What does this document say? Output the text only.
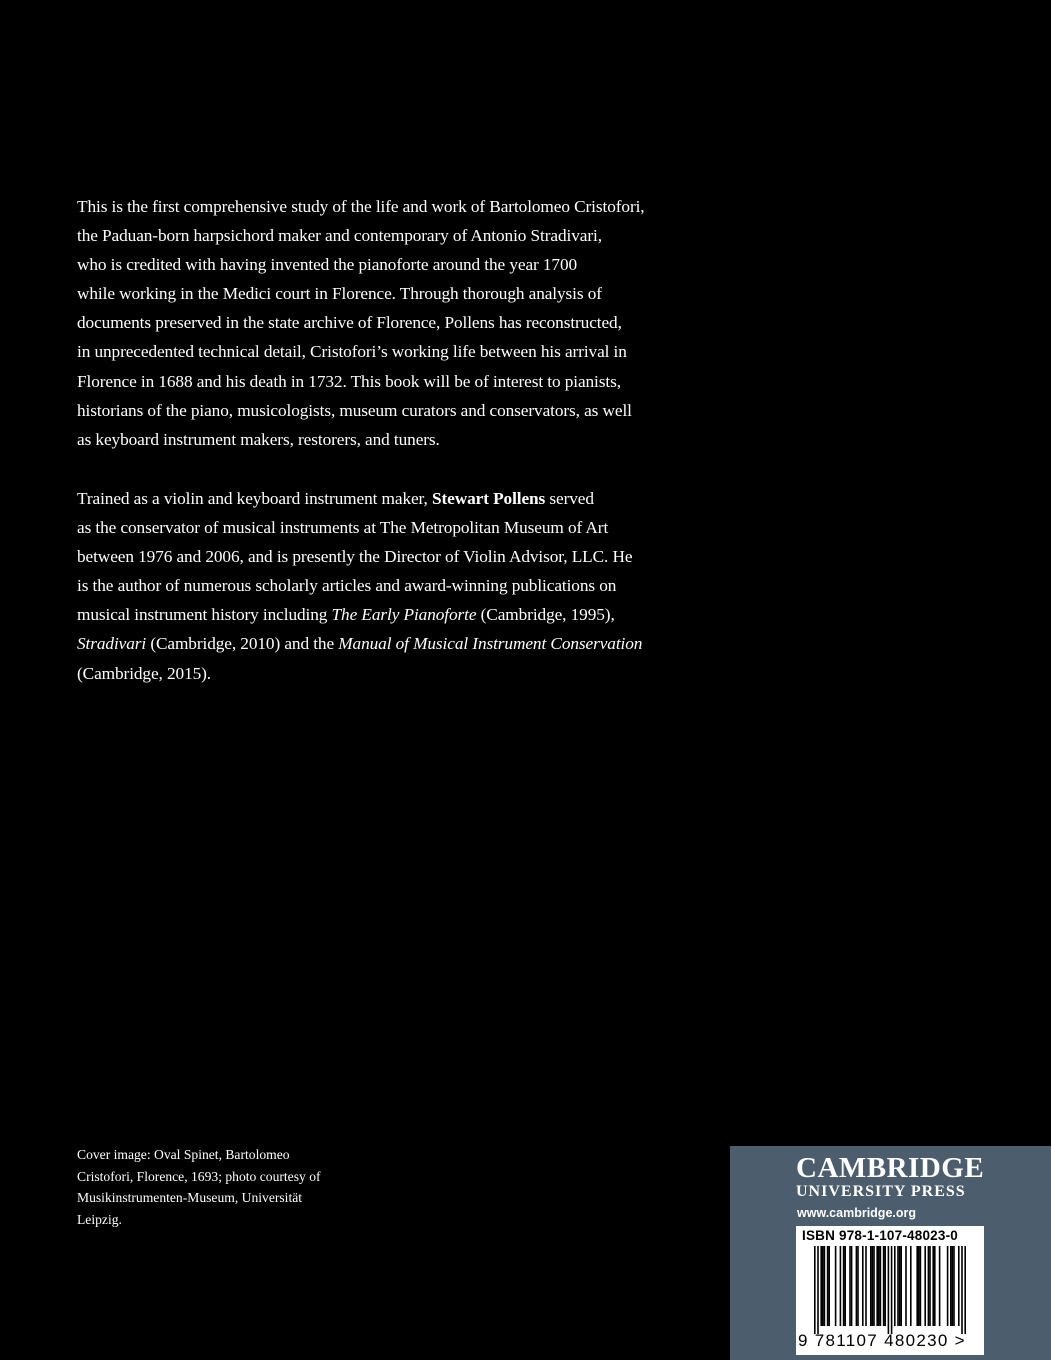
This is the first comprehensive study of the life and work of Bartolomeo Cristofori,
the Paduan-born harpsichord maker and contemporary of Antonio Stradivari,
who is credited with having invented the pianoforte around the year 1700
while working in the Medici court in Florence. Through thorough analysis of
documents preserved in the state archive of Florence, Pollens has reconstructed,
in unprecedented technical detail, Cristofori’s working life between his arrival in
Florence in 1688 and his death in 1732. This book will be of interest to pianists,
historians of the piano, musicologists, museum curators and conservators, as well
as keyboard instrument makers, restorers, and tuners.
Trained as a violin and keyboard instrument maker, Stewart Pollens served
as the conservator of musical instruments at The Metropolitan Museum of Art
between 1976 and 2006, and is presently the Director of Violin Advisor, LLC. He
is the author of numerous scholarly articles and award-winning publications on
musical instrument history including The Early Pianoforte (Cambridge, 1995),
Stradivari (Cambridge, 2010) and the Manual of Musical Instrument Conservation
(Cambridge, 2015).
Cover image: Oval Spinet, Bartolomeo
Cristofori, Florence, 1693; photo courtesy of
Musikinstrumenten-Museum, Universität
Leipzig.
CAMBRIDGE
UNIVERSITY PRESS
www.cambridge.org
ISBN 978-1-107-48023-0
9 781107 480230 >
